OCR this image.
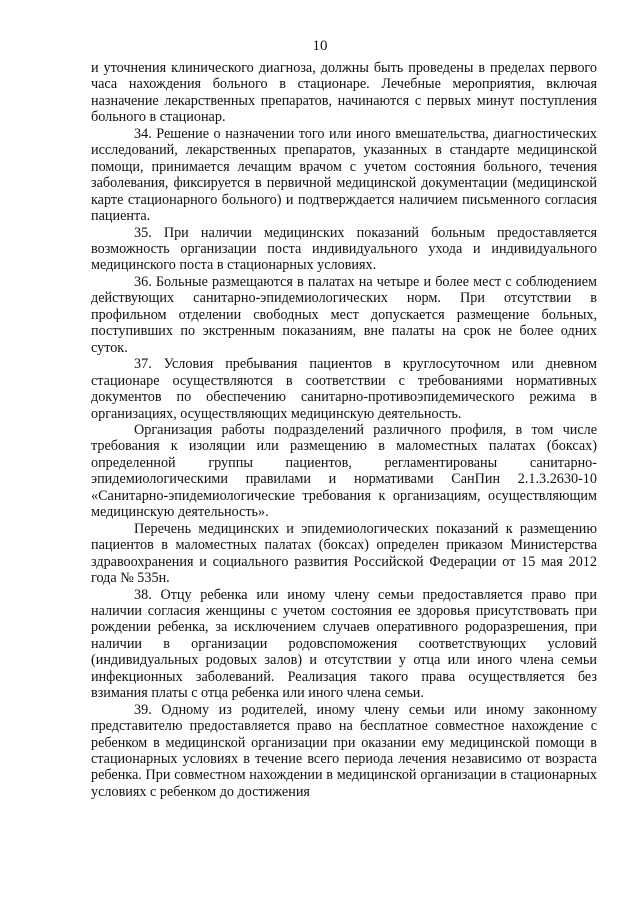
10

и уточнения клинического диагноза, должны быть проведены в пределах первого часа нахождения больного в стационаре. Лечебные мероприятия, включая назначение лекарственных препаратов, начинаются с первых минут поступления больного в стационар.

34. Решение о назначении того или иного вмешательства, диагностических исследований, лекарственных препаратов, указанных в стандарте медицинской помощи, принимается лечащим врачом с учетом состояния больного, течения заболевания, фиксируется в первичной медицинской документации (медицинской карте стационарного больного) и подтверждается наличием письменного согласия пациента.

35. При наличии медицинских показаний больным предоставляется возможность организации поста индивидуального ухода и индивидуального медицинского поста в стационарных условиях.

36. Больные размещаются в палатах на четыре и более мест с соблюдением действующих санитарно-эпидемиологических норм. При отсутствии в профильном отделении свободных мест допускается размещение больных, поступивших по экстренным показаниям, вне палаты на срок не более одних суток.

37. Условия пребывания пациентов в круглосуточном или дневном стационаре осуществляются в соответствии с требованиями нормативных документов по обеспечению санитарно-противоэпидемического режима в организациях, осуществляющих медицинскую деятельность.

Организация работы подразделений различного профиля, в том числе требования к изоляции или размещению в маломестных палатах (боксах) определенной группы пациентов, регламентированы санитарно-эпидемиологическими правилами и нормативами СанПин 2.1.3.2630-10 «Санитарно-эпидемиологические требования к организациям, осуществляющим медицинскую деятельность».

Перечень медицинских и эпидемиологических показаний к размещению пациентов в маломестных палатах (боксах) определен приказом Министерства здравоохранения и социального развития Российской Федерации от 15 мая 2012 года № 535н.

38. Отцу ребенка или иному члену семьи предоставляется право при наличии согласия женщины с учетом состояния ее здоровья присутствовать при рождении ребенка, за исключением случаев оперативного родоразрешения, при наличии в организации родовспоможения соответствующих условий (индивидуальных родовых залов) и отсутствии у отца или иного члена семьи инфекционных заболеваний. Реализация такого права осуществляется без взимания платы с отца ребенка или иного члена семьи.

39. Одному из родителей, иному члену семьи или иному законному представителю предоставляется право на бесплатное совместное нахождение с ребенком в медицинской организации при оказании ему медицинской помощи в стационарных условиях в течение всего периода лечения независимо от возраста ребенка. При совместном нахождении в медицинской организации в стационарных условиях с ребенком до достижения
